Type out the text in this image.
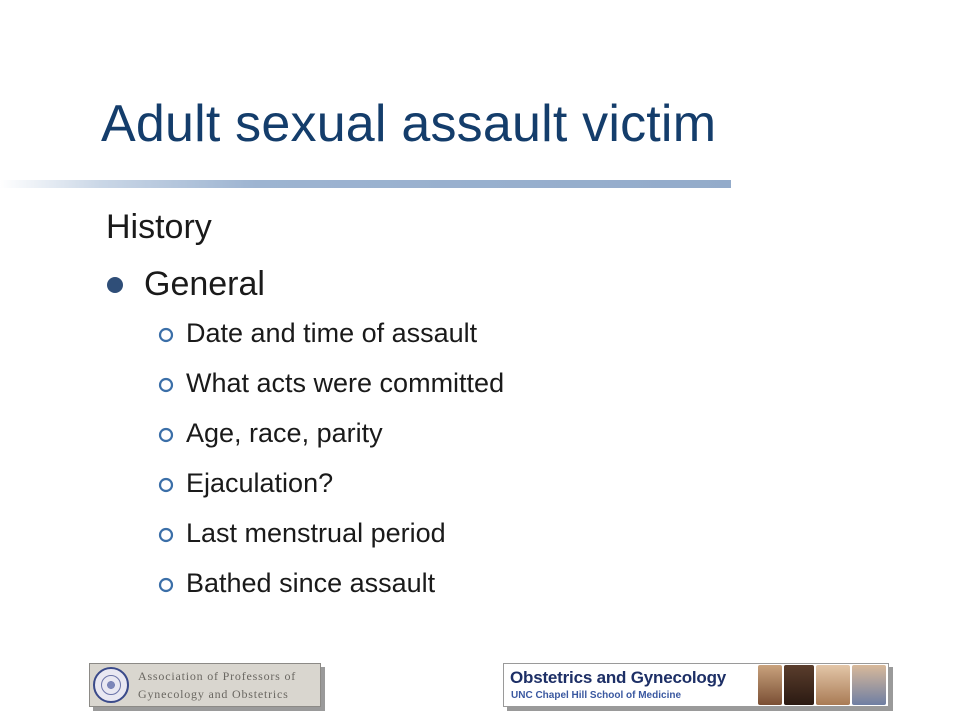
Adult sexual assault victim
History
General
Date and time of assault
What acts were committed
Age, race, parity
Ejaculation?
Last menstrual period
Bathed since assault
Association of Professors of
Gynecology and Obstetrics
Obstetrics and Gynecology
UNC Chapel Hill School of Medicine
